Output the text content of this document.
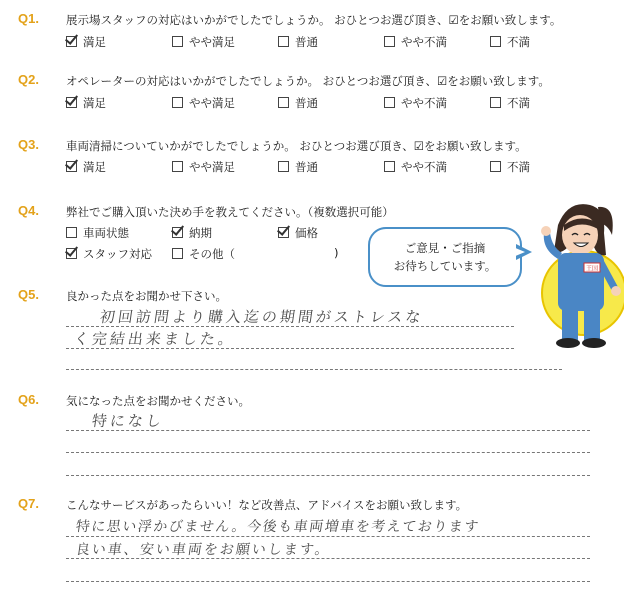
Q1. 展示場スタッフの対応はいかがでしたでしょうか。 おひとつお選び頂き、☑をお願い致します。
満足	やや満足	普通	やや不満	不満
Q2. オペレーターの対応はいかがでしたでしょうか。 おひとつお選び頂き、☑をお願い致します。
満足	やや満足	普通	やや不満	不満
Q3. 車両清掃についていかがでしたでしょうか。 おひとつお選び頂き、☑をお願い致します。
満足	やや満足	普通	やや不満	不満
Q4. 弊社でご購入頂いた決め手を教えてください。（複数選択可能）
車両状態	納期	価格
スタッフ対応	その他（	)	ご意見・ご指摘
お待ちしています。	王国
Q5. 良かった点をお聞かせ下さい。
初回訪問より購入迄の期間がストレスな
く完結出来ました。
Q6. 気になった点をお聞かせください。
特になし
Q7. こんなサービスがあったらいい！など改善点、アドバイスをお願い致します。
特に思い浮かびません。今後も車両増車を考えております
良い車、安い車両をお願いします。
